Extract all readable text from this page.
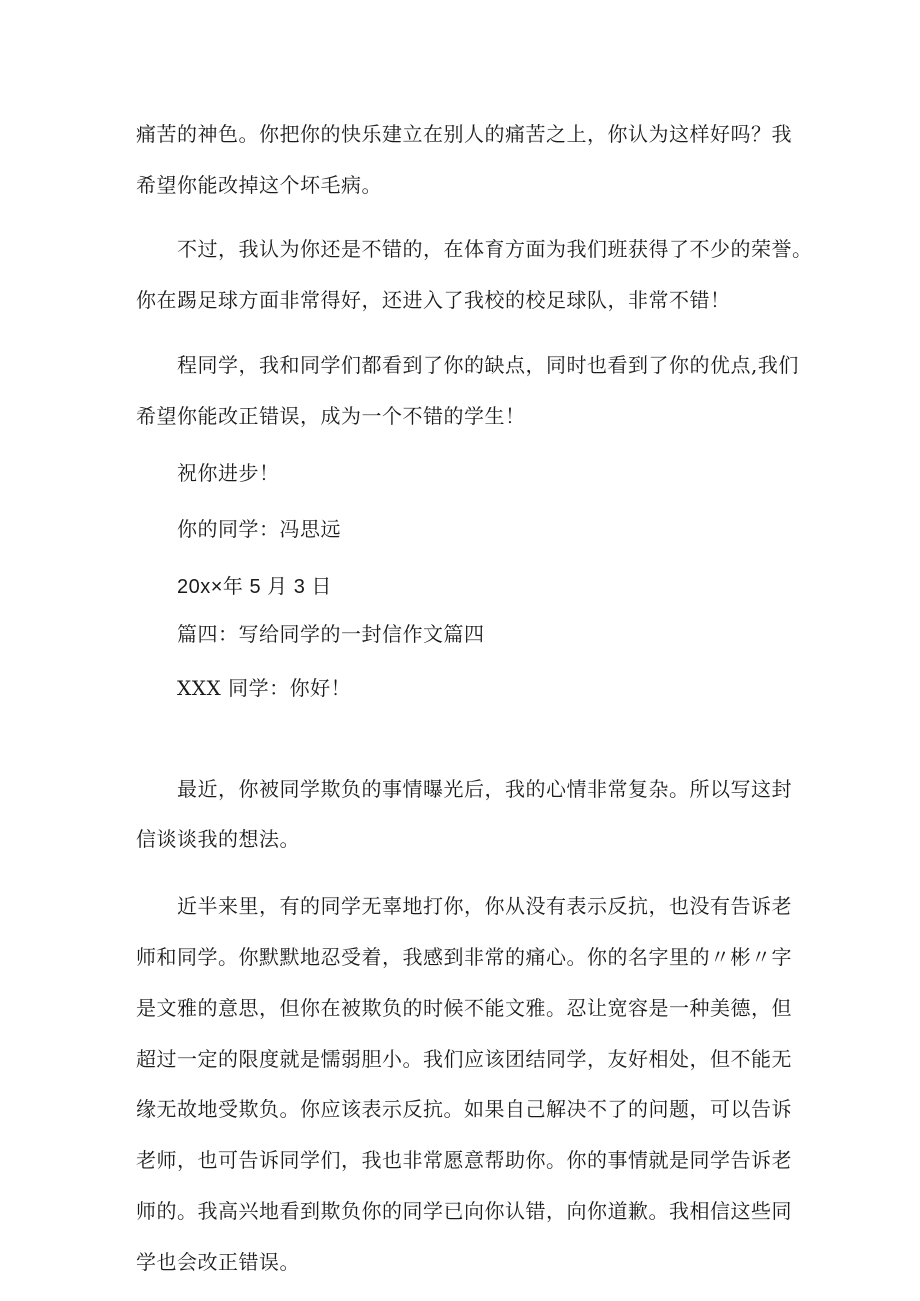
痛苦的神色。你把你的快乐建立在别人的痛苦之上，你认为这样好吗？我
希望你能改掉这个坏毛病。
不过，我认为你还是不错的，在体育方面为我们班获得了不少的荣誉。
你在踢足球方面非常得好，还进入了我校的校足球队，非常不错！
程同学，我和同学们都看到了你的缺点，同时也看到了你的优点,我们
希望你能改正错误，成为一个不错的学生！
祝你进步！
你的同学：冯思远
20x×年 5 月 3 日
篇四：写给同学的一封信作文篇四
XXX 同学：你好！
最近，你被同学欺负的事情曝光后，我的心情非常复杂。所以写这封
信谈谈我的想法。
近半来里，有的同学无辜地打你，你从没有表示反抗，也没有告诉老
师和同学。你默默地忍受着，我感到非常的痛心。你的名字里的〃彬〃字
是文雅的意思，但你在被欺负的时候不能文雅。忍让宽容是一种美德，但
超过一定的限度就是懦弱胆小。我们应该团结同学，友好相处，但不能无
缘无故地受欺负。你应该表示反抗。如果自己解决不了的问题，可以告诉
老师，也可告诉同学们，我也非常愿意帮助你。你的事情就是同学告诉老
师的。我高兴地看到欺负你的同学已向你认错，向你道歉。我相信这些同
学也会改正错误。
